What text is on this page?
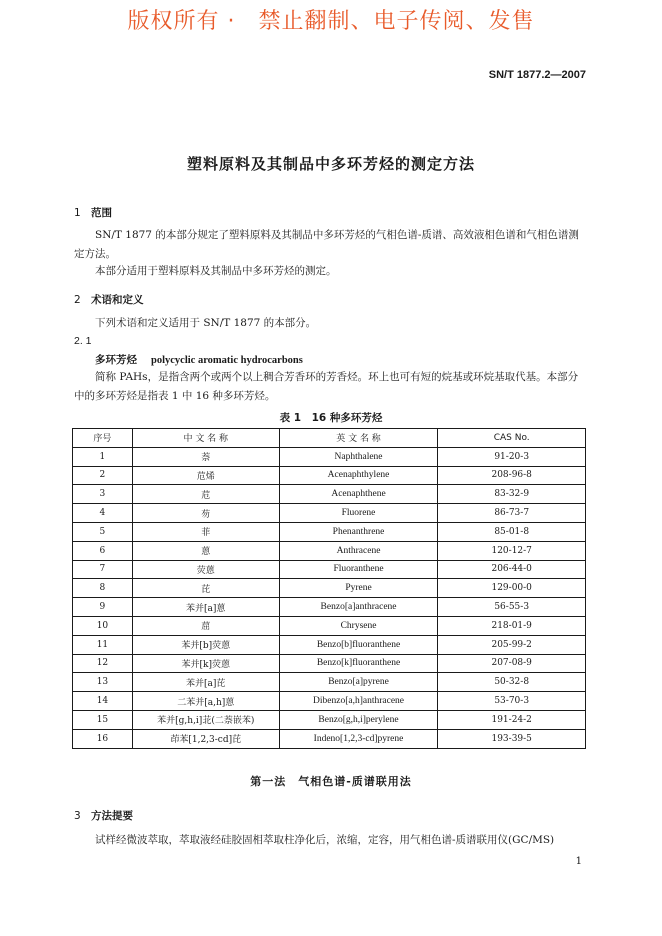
版权所有 ·　禁止翻制、电子传阅、发售
SN/T 1877.2—2007
塑料原料及其制品中多环芳烃的测定方法
1 范围

SN/T 1877 的本部分规定了塑料原料及其制品中多环芳烃的气相色谱-质谱、高效液相色谱和气相色谱测定方法。

本部分适用于塑料原料及其制品中多环芳烃的测定。

2 术语和定义

下列术语和定义适用于 SN/T 1877 的本部分。

2. 1
多环芳烃 polycyclic aromatic hydrocarbons

简称 PAHs，是指含两个或两个以上稠合芳香环的芳香烃。环上也可有短的烷基或环烷基取代基。本部分中的多环芳烃是指表 1 中 16 种多环芳烃。

表 1　16 种多环芳烃
序号	中 文 名 称	英 文 名 称	CAS No.
1	萘	Naphthalene	91-20-3
2	苊烯	Acenaphthylene	208-96-8
3	苊	Acenaphthene	83-32-9
4	芴	Fluorene	86-73-7
5	菲	Phenanthrene	85-01-8
6	蒽	Anthracene	120-12-7
7	荧蒽	Fluoranthene	206-44-0
8	芘	Pyrene	129-00-0
9	苯并[a]蒽	Benzo[a]anthracene	56-55-3
10	䓛	Chrysene	218-01-9
11	苯并[b]荧蒽	Benzo[b]fluoranthene	205-99-2
12	苯并[k]荧蒽	Benzo[k]fluoranthene	207-08-9
13	苯并[a]芘	Benzo[a]pyrene	50-32-8
14	二苯并[a,h]蒽	Dibenzo[a,h]anthracene	53-70-3
15	苯并[g,h,i]苝(二萘嵌苯)	Benzo[g,h,i]perylene	191-24-2
16	茚苯[1,2,3-cd]芘	Indeno[1,2,3-cd]pyrene	193-39-5
第一法　气相色谱-质谱联用法
3 方法提要

试样经微波萃取，萃取液经硅胶固相萃取柱净化后，浓缩，定容，用气相色谱-质谱联用仪(GC/MS)

1
